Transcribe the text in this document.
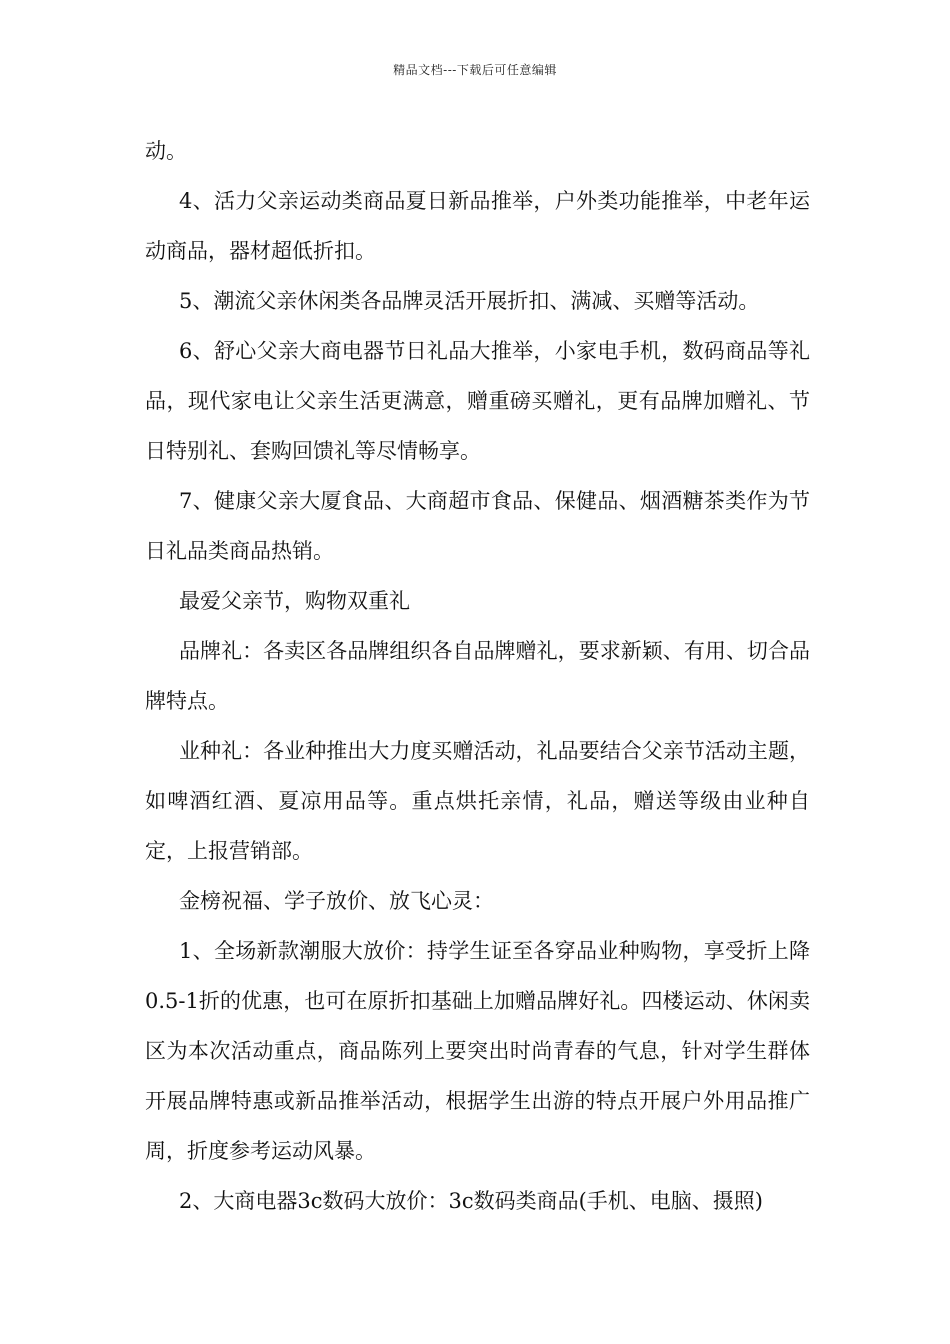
精品文档---下载后可任意编辑

动。

4、活力父亲运动类商品夏日新品推举，户外类功能推举，中老年运动商品，器材超低折扣。

5、潮流父亲休闲类各品牌灵活开展折扣、满减、买赠等活动。

6、舒心父亲大商电器节日礼品大推举，小家电手机，数码商品等礼品，现代家电让父亲生活更满意，赠重磅买赠礼，更有品牌加赠礼、节日特别礼、套购回馈礼等尽情畅享。

7、健康父亲大厦食品、大商超市食品、保健品、烟酒糖茶类作为节日礼品类商品热销。

最爱父亲节，购物双重礼

品牌礼：各卖区各品牌组织各自品牌赠礼，要求新颖、有用、切合品牌特点。

业种礼：各业种推出大力度买赠活动，礼品要结合父亲节活动主题，如啤酒红酒、夏凉用品等。重点烘托亲情，礼品，赠送等级由业种自定，上报营销部。

金榜祝福、学子放价、放飞心灵：

1、全场新款潮服大放价：持学生证至各穿品业种购物，享受折上降0.5-1折的优惠，也可在原折扣基础上加赠品牌好礼。四楼运动、休闲卖区为本次活动重点，商品陈列上要突出时尚青春的气息，针对学生群体开展品牌特惠或新品推举活动，根据学生出游的特点开展户外用品推广周，折度参考运动风暴。

2、大商电器3c数码大放价：3c数码类商品(手机、电脑、摄照)
